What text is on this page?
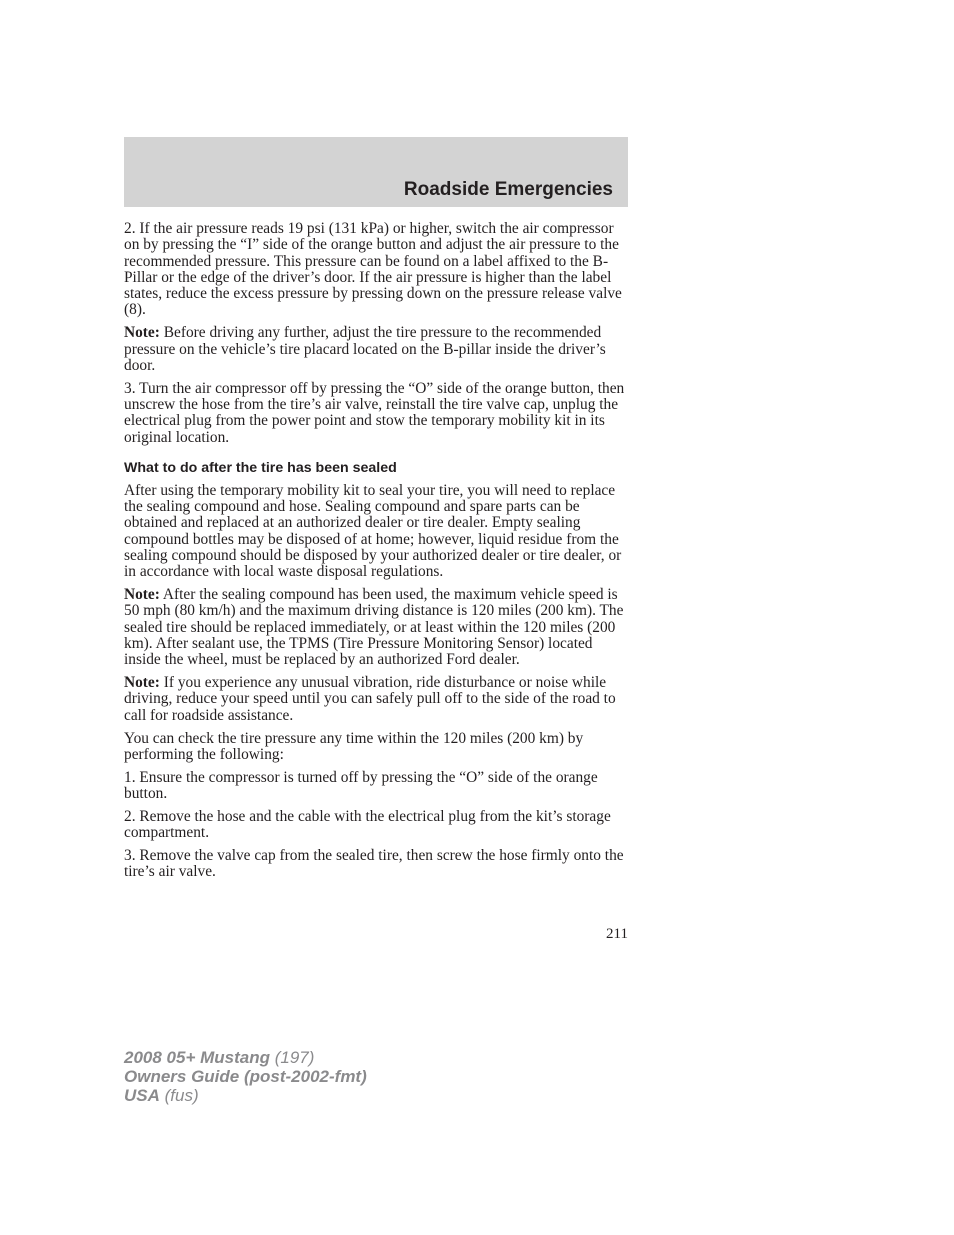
Roadside Emergencies

2. If the air pressure reads 19 psi (131 kPa) or higher, switch the air compressor on by pressing the “I” side of the orange button and adjust the air pressure to the recommended pressure. This pressure can be found on a label affixed to the B-Pillar or the edge of the driver’s door. If the air pressure is higher than the label states, reduce the excess pressure by pressing down on the pressure release valve (8).

Note: Before driving any further, adjust the tire pressure to the recommended pressure on the vehicle’s tire placard located on the B-pillar inside the driver’s door.

3. Turn the air compressor off by pressing the “O” side of the orange button, then unscrew the hose from the tire’s air valve, reinstall the tire valve cap, unplug the electrical plug from the power point and stow the temporary mobility kit in its original location.

What to do after the tire has been sealed

After using the temporary mobility kit to seal your tire, you will need to replace the sealing compound and hose. Sealing compound and spare parts can be obtained and replaced at an authorized dealer or tire dealer. Empty sealing compound bottles may be disposed of at home; however, liquid residue from the sealing compound should be disposed by your authorized dealer or tire dealer, or in accordance with local waste disposal regulations.

Note: After the sealing compound has been used, the maximum vehicle speed is 50 mph (80 km/h) and the maximum driving distance is 120 miles (200 km). The sealed tire should be replaced immediately, or at least within the 120 miles (200 km). After sealant use, the TPMS (Tire Pressure Monitoring Sensor) located inside the wheel, must be replaced by an authorized Ford dealer.

Note: If you experience any unusual vibration, ride disturbance or noise while driving, reduce your speed until you can safely pull off to the side of the road to call for roadside assistance.

You can check the tire pressure any time within the 120 miles (200 km) by performing the following:

1. Ensure the compressor is turned off by pressing the “O” side of the orange button.

2. Remove the hose and the cable with the electrical plug from the kit’s storage compartment.

3. Remove the valve cap from the sealed tire, then screw the hose firmly onto the tire’s air valve.

211
2008 05+ Mustang (197)
Owners Guide (post-2002-fmt)
USA (fus)
